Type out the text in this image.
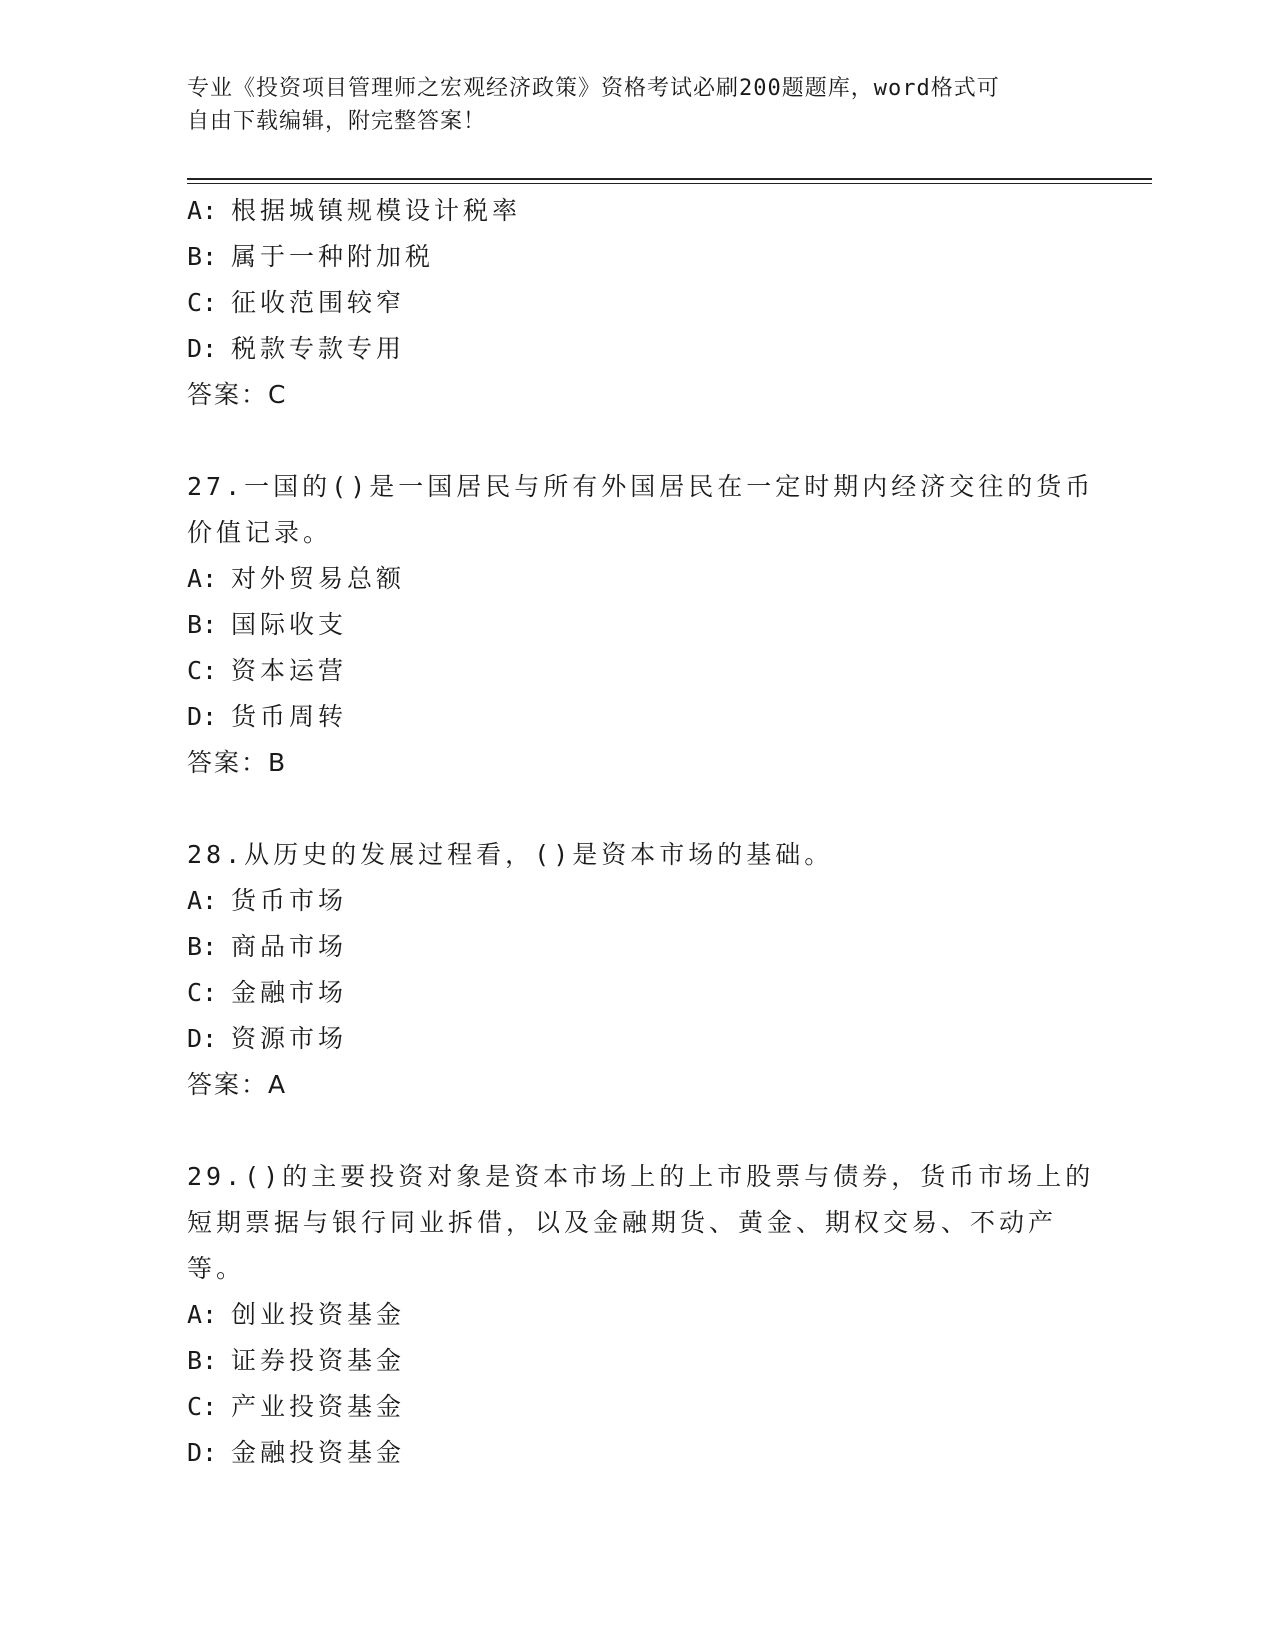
专业《投资项目管理师之宏观经济政策》资格考试必刷200题题库，word格式可
自由下载编辑，附完整答案！
A: 根据城镇规模设计税率
B: 属于一种附加税
C: 征收范围较窄
D: 税款专款专用
答案：C
27.一国的()是一国居民与所有外国居民在一定时期内经济交往的货币
价值记录。
A: 对外贸易总额
B: 国际收支
C: 资本运营
D: 货币周转
答案：B
28.从历史的发展过程看，()是资本市场的基础。
A: 货币市场
B: 商品市场
C: 金融市场
D: 资源市场
答案：A
29.()的主要投资对象是资本市场上的上市股票与债券，货币市场上的
短期票据与银行同业拆借，以及金融期货、黄金、期权交易、不动产
等。
A: 创业投资基金
B: 证券投资基金
C: 产业投资基金
D: 金融投资基金
